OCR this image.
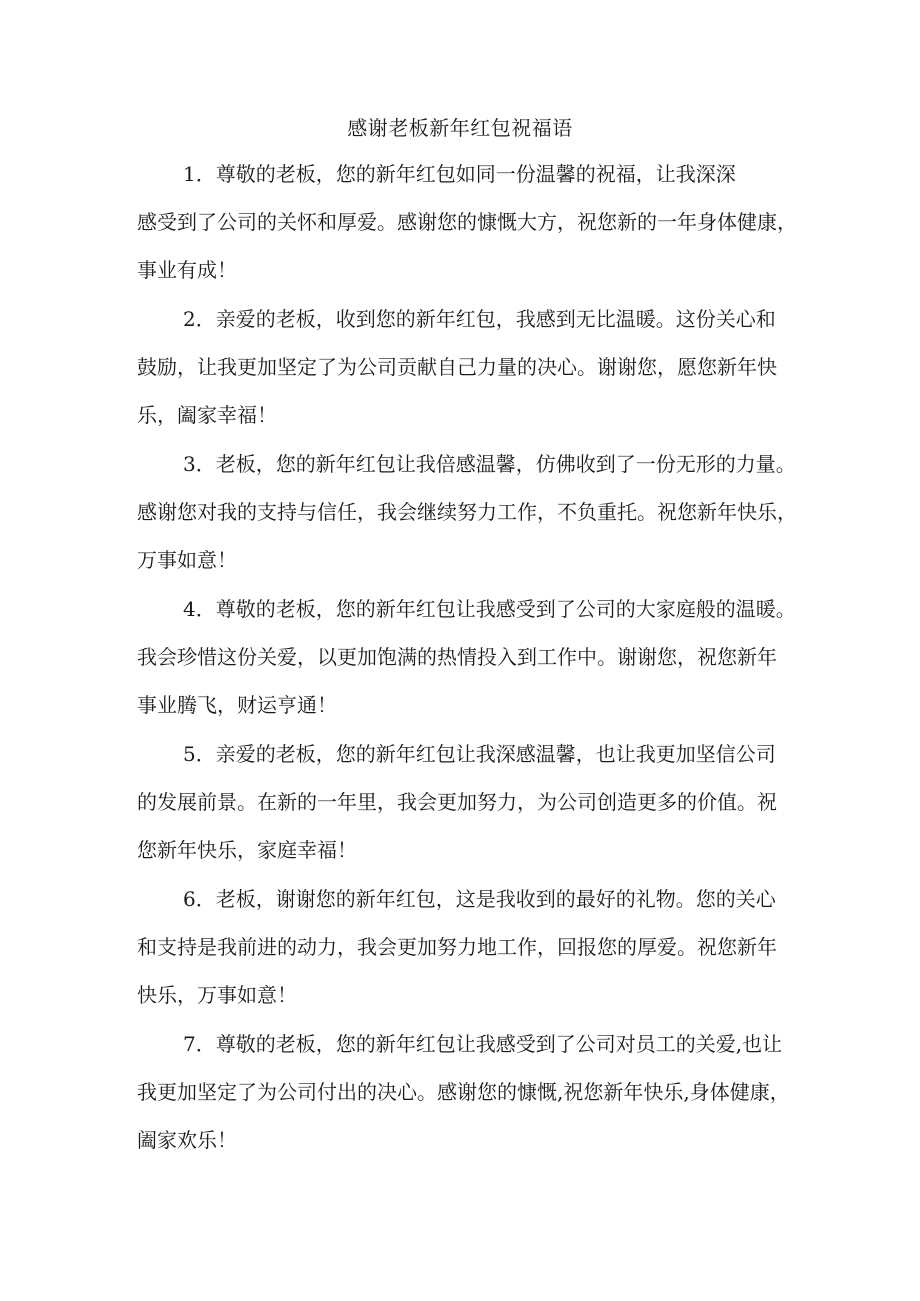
感谢老板新年红包祝福语
1．尊敬的老板，您的新年红包如同一份温馨的祝福，让我深深
感受到了公司的关怀和厚爱。感谢您的慷慨大方，祝您新的一年身体健康，
事业有成！
2．亲爱的老板，收到您的新年红包，我感到无比温暖。这份关心和
鼓励，让我更加坚定了为公司贡献自己力量的决心。谢谢您，愿您新年快
乐，阖家幸福！
3．老板，您的新年红包让我倍感温馨，仿佛收到了一份无形的力量。
感谢您对我的支持与信任，我会继续努力工作，不负重托。祝您新年快乐，
万事如意！
4．尊敬的老板，您的新年红包让我感受到了公司的大家庭般的温暖。
我会珍惜这份关爱，以更加饱满的热情投入到工作中。谢谢您，祝您新年
事业腾飞，财运亨通！
5．亲爱的老板，您的新年红包让我深感温馨，也让我更加坚信公司
的发展前景。在新的一年里，我会更加努力，为公司创造更多的价值。祝
您新年快乐，家庭幸福！
6．老板，谢谢您的新年红包，这是我收到的最好的礼物。您的关心
和支持是我前进的动力，我会更加努力地工作，回报您的厚爱。祝您新年
快乐，万事如意！
7．尊敬的老板，您的新年红包让我感受到了公司对员工的关爱,也让
我更加坚定了为公司付出的决心。感谢您的慷慨,祝您新年快乐,身体健康，
阖家欢乐！
